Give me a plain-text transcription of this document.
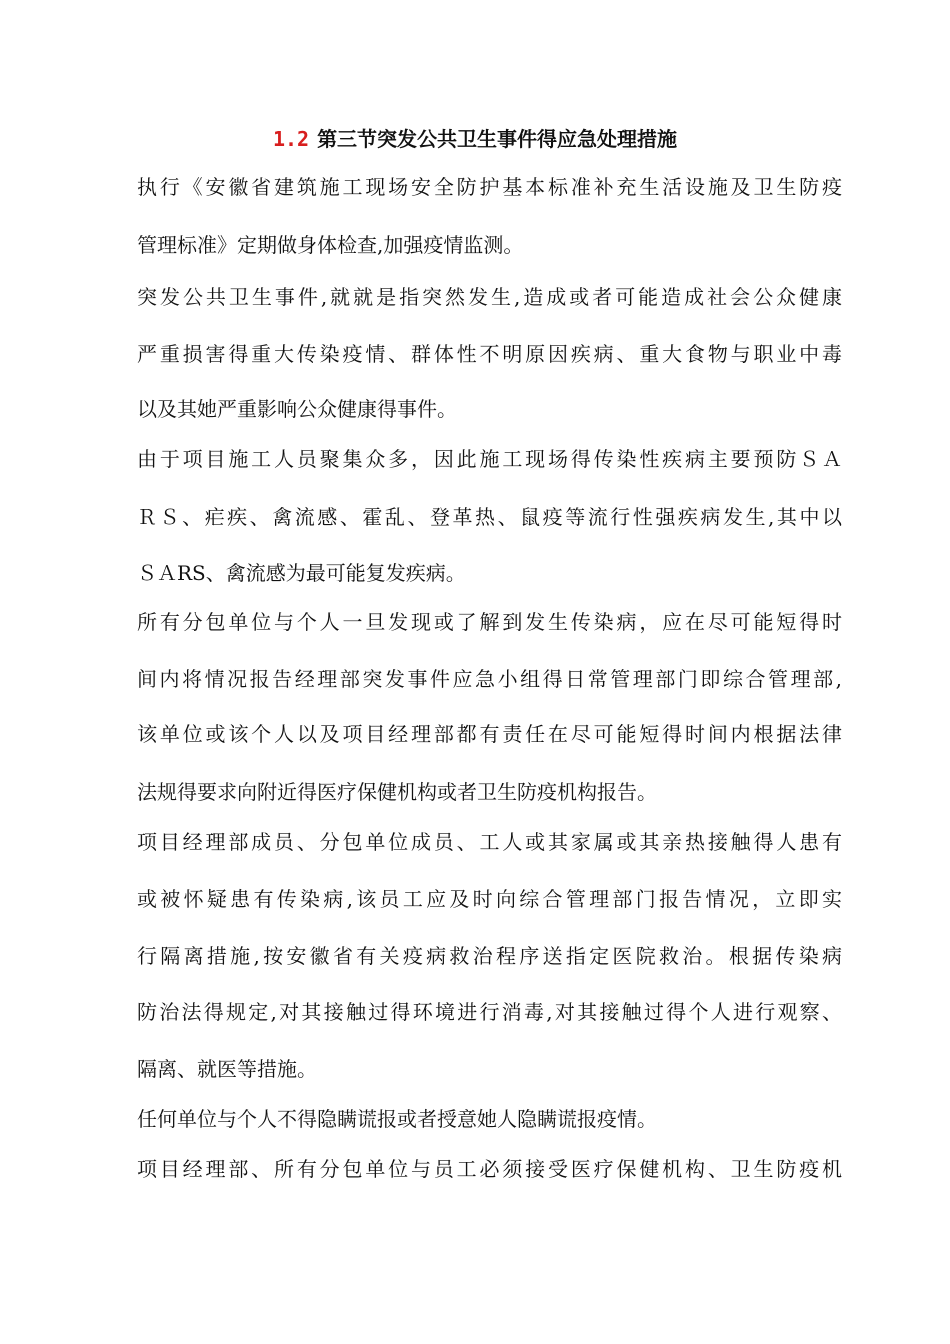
1.2 第三节突发公共卫生事件得应急处理措施
执行《安徽省建筑施工现场安全防护基本标准补充生活设施及卫生防疫
管理标准》定期做身体检查,加强疫情监测。
突发公共卫生事件,就就是指突然发生,造成或者可能造成社会公众健康
严重损害得重大传染疫情、群体性不明原因疾病、重大食物与职业中毒
以及其她严重影响公众健康得事件。
由于项目施工人员聚集众多，因此施工现场得传染性疾病主要预防ＳＡ
ＲＳ、疟疾、禽流感、霍乱、登革热、鼠疫等流行性强疾病发生,其中以
ＳＡRS、禽流感为最可能复发疾病。
所有分包单位与个人一旦发现或了解到发生传染病，应在尽可能短得时
间内将情况报告经理部突发事件应急小组得日常管理部门即综合管理部,
该单位或该个人以及项目经理部都有责任在尽可能短得时间内根据法律
法规得要求向附近得医疗保健机构或者卫生防疫机构报告。
项目经理部成员、分包单位成员、工人或其家属或其亲热接触得人患有
或被怀疑患有传染病,该员工应及时向综合管理部门报告情况，立即实
行隔离措施,按安徽省有关疫病救治程序送指定医院救治。根据传染病
防治法得规定,对其接触过得环境进行消毒,对其接触过得个人进行观察、
隔离、就医等措施。
任何单位与个人不得隐瞒谎报或者授意她人隐瞒谎报疫情。
项目经理部、所有分包单位与员工必须接受医疗保健机构、卫生防疫机
